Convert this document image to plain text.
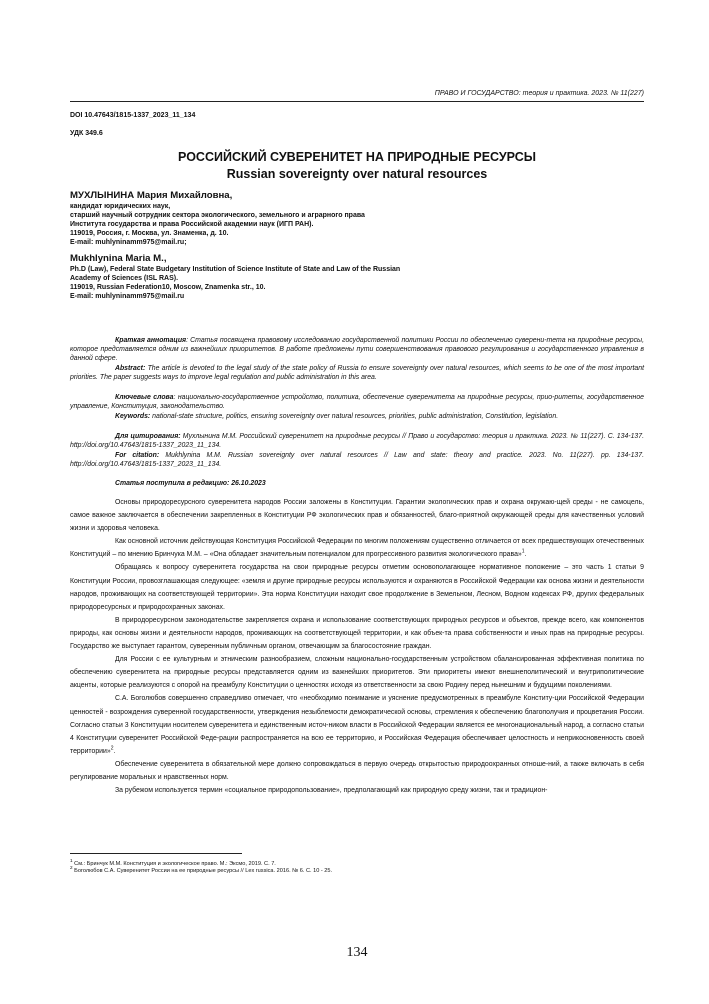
ПРАВО И ГОСУДАРСТВО: теория и практика. 2023. № 11(227)
DOI 10.47643/1815-1337_2023_11_134
УДК 349.6
РОССИЙСКИЙ СУВЕРЕНИТЕТ НА ПРИРОДНЫЕ РЕСУРСЫ
Russian sovereignty over natural resources
МУХЛЫНИНА Мария Михайловна,
кандидат юридических наук,
старший научный сотрудник сектора экологического, земельного и аграрного права
Института государства и права Российской академии наук (ИГП РАН).
119019, Россия, г. Москва, ул. Знаменка, д. 10.
E-mail: muhlyninamm975@mail.ru;
Mukhlynina Maria M.,
Ph.D (Law), Federal State Budgetary Institution of Science Institute of State and Law of the Russian
Academy of Sciences (ISL RAS).
119019, Russian Federation10, Moscow, Znamenka str., 10.
E-mail: muhlyninamm975@mail.ru
Краткая аннотация: Статья посвящена правовому исследованию государственной политики России по обеспечению суверени-тета на природные ресурсы, которое представляется одним из важнейших приоритетов. В работе предложены пути совершенствования правового регулирования и государственного управления в данной сфере.
Abstract: The article is devoted to the legal study of the state policy of Russia to ensure sovereignty over natural resources, which seems to be one of the most important priorities. The paper suggests ways to improve legal regulation and public administration in this area.
Ключевые слова: национально-государственное устройство, политика, обеспечение суверенитета на природные ресурсы, прио-ритеты, государственное управление, Конституция, законодательство.
Keywords: national-state structure, politics, ensuring sovereignty over natural resources, priorities, public administration, Constitution, legislation.
Для цитирования: Мухлынина М.М. Российский суверенитет на природные ресурсы // Право и государство: теория и практика. 2023. № 11(227). С. 134-137. http://doi.org/10.47643/1815-1337_2023_11_134.
For citation: Mukhlynina M.M. Russian sovereignty over natural resources // Law and state: theory and practice. 2023. No. 11(227). pp. 134-137. http://doi.org/10.47643/1815-1337_2023_11_134.
Статья поступила в редакцию: 26.10.2023

Основы природоресурсного суверенитета народов России заложены в Конституции. Гарантии экологических прав и охрана окружаю-щей среды - не самоцель, самое важное заключается в обеспечении закрепленных в Конституции РФ экологических прав и обязанностей, благо-приятной окружающей среды для качественных условий жизни и здоровья человека.

Как основной источник действующая Конституция Российской Федерации по многим положениям существенно отличается от всех предшествующих отечественных Конституций – по мнению Бринчука М.М. – «Она обладает значительным потенциалом для прогрессивного развития экологического права»$^1$.

Обращаясь к вопросу суверенитета государства на свои природные ресурсы отметим основополагающее нормативное положение – это часть 1 статьи 9 Конституции России, провозглашающая следующее: «земля и другие природные ресурсы используются и охраняются в Российской Федерации как основа жизни и деятельности народов, проживающих на соответствующей территории». Эта норма Конституции находит свое продолжение в Земельном, Лесном, Водном кодексах РФ, других федеральных природоресурсных и природоохранных законах.

В природоресурсном законодательстве закрепляется охрана и использование соответствующих природных ресурсов и объектов, прежде всего, как компонентов природы, как основы жизни и деятельности народов, проживающих на соответствующей территории, и как объек-та права собственности и иных прав на природные ресурсы. Государство же выступает гарантом, суверенным публичным органом, отвечающим за благосостояние граждан.

Для России с ее культурным и этническим разнообразием, сложным национально-государственным устройством сбалансированная эффективная политика по обеспечению суверенитета на природные ресурсы представляется одним из важнейших приоритетов. Эти приоритеты имеют внешнеполитический и внутриполитические акценты, которые реализуются с опорой на преамбулу Конституции о ценностях исходя из ответственности за свою Родину перед нынешним и будущими поколениями.

С.А. Боголюбов совершенно справедливо отмечает, что «необходимо понимание и уяснение предусмотренных в преамбуле Конститу-ции Российской Федерации ценностей - возрождения суверенной государственности, утверждения незыблемости демократической основы, стремления к обеспечению благополучия и процветания России. Согласно статьи 3 Конституции носителем суверенитета и единственным источ-ником власти в Российской Федерации является ее многонациональный народ, а согласно статьи 4 Конституции суверенитет Российской Феде-рации распространяется на всю ее территорию, и Российская Федерация обеспечивает целостность и неприкосновенность своей территории»$^2$.

Обеспечение суверенитета в обязательной мере должно сопровождаться в первую очередь открытостью природоохранных отноше-ний, а также включать в себя регулирование моральных и нравственных норм.

За рубежом используется термин «социальное природопользование», предполагающий как природную среду жизни, так и традицион-

$^1$ См.: Бринчук М.М. Конституция и экологическое право. М.: Эксмо, 2019. С. 7.
$^2$ Боголюбов С.А. Суверенитет России на ее природные ресурсы // Lex russica. 2016. № 6. С. 10 - 25.
134
